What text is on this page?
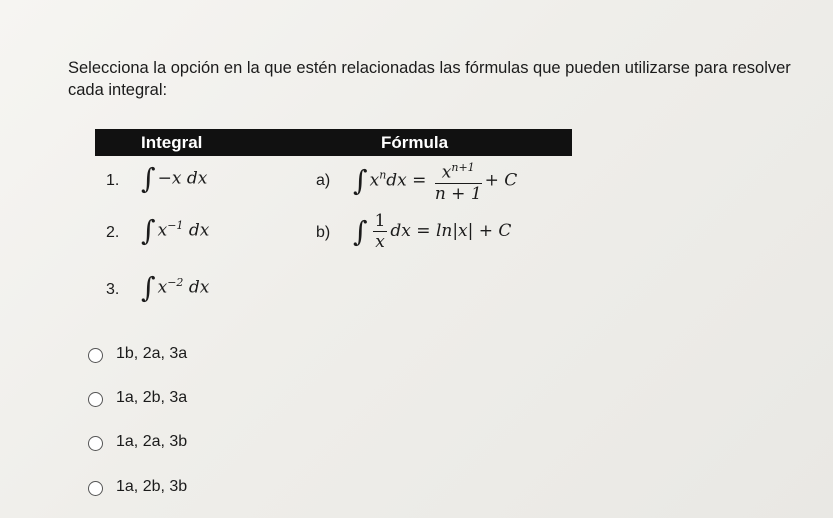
Selecciona la opción en la que estén relacionadas las fórmulas que pueden utilizarse para resolver cada integral:
Integral	Fórmula
1. ∫ −x dx	a) ∫ $x^ndx = \frac{x^{n+1}}{n + 1} + C$
2. ∫ $x^{-1}$ dx	b) ∫ $\frac{1}{x}$ dx = ln|x| + C
3. ∫ $x^{-2}$ dx
1b, 2a, 3a
1a, 2b, 3a
1a, 2a, 3b
1a, 2b, 3b
